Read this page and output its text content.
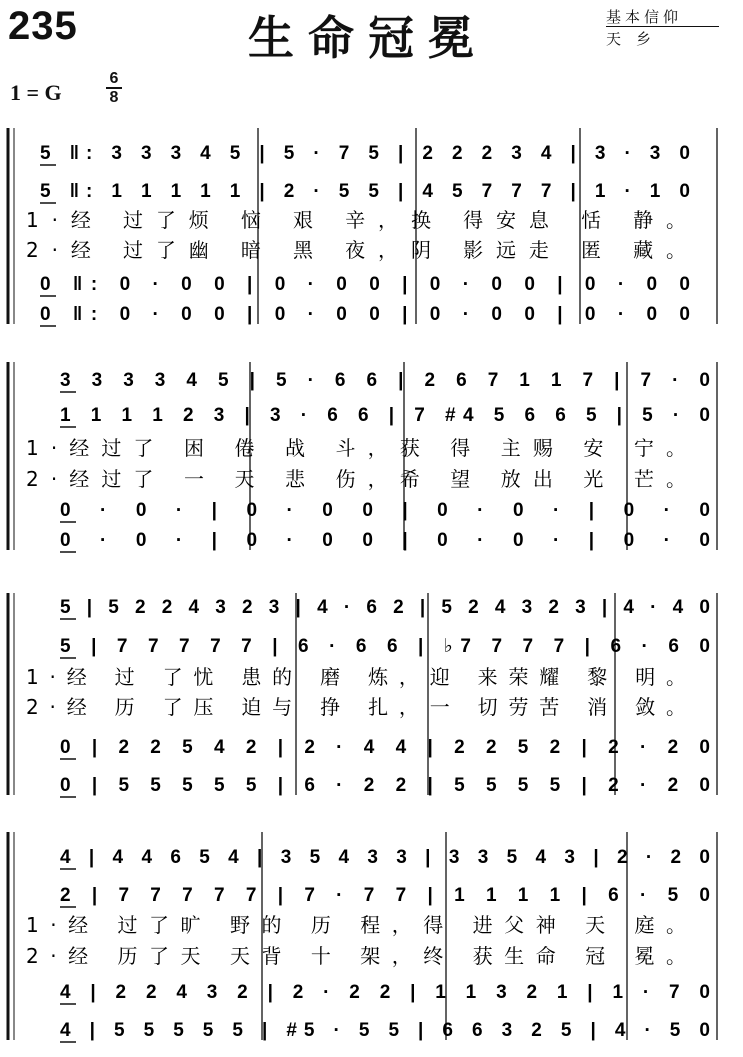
235	生命冠冕	基本信仰
天　乡
1 = G
6
8
5 ‖: 3 3 3 4 5 | 5 · 7 5 | 2 2 2 3 4 | 3 · 3 0
5 ‖: 1 1 1 1 1 | 2 · 5 5 | 4 5 7 7 7 | 1 · 1 0
1·经 过了烦 恼 艰 辛，换 得安息 恬 静。
2·经 过了幽 暗 黑 夜，阴 影远走 匿 藏。
0 ‖: 0 · 0 0 | 0 · 0 0 | 0 · 0 0 | 0 · 0 0
0 ‖: 0 · 0 0 | 0 · 0 0 | 0 · 0 0 | 0 · 0 0
3 3 3 3 4 5 | 5 · 6 6 | 2 6 7 1 1 7 | 7 · 0
1 1 1 1 2 3 | 3 · 6 6 | 7 #4 5 6 6 5 | 5 · 0
1·经过了 困 倦 战 斗，获 得 主赐 安 宁。
2·经过了 一 天 悲 伤，希 望 放出 光 芒。
0 · 0 · | 0 · 0 0 | 0 · 0 · | 0 · 0
0 · 0 · | 0 · 0 0 | 0 · 0 · | 0 · 0
5 | 5 2 2 4 3 2 3 | 4 · 6 2 | 5 2 4 3 2 3 | 4 · 4 0
5 | 7 7 7 7 7 | 6 · 6 6 | ♭7 7 7 7 | 6 · 6 0
1·经 过 了忧 患的 磨 炼，迎 来荣耀 黎 明。
2·经 历 了压 迫与 挣 扎，一 切劳苦 消 敛。
0 | 2 2 5 4 2 | 2 · 4 4 | 2 2 5 2 | 2 · 2 0
0 | 5 5 5 5 5 | 6 · 2 2 | 5 5 5 5 | 2 · 2 0
4 | 4 4 6 5 4 | 3 5 4 3 3 | 3 3 5 4 3 | 2 · 2 0
2 | 7 7 7 7 7 | 7 · 7 7 | 1 1 1 1 | 6 · 5 0
1·经 过了旷 野的 历 程，得 进父神 天 庭。
2·经 历了天 天背 十 架，终 获生命 冠 冕。
4 | 2 2 4 3 2 | 2 · 2 2 | 1 1 3 2 1 | 1 · 7 0
4 | 5 5 5 5 5 | #5 · 5 5 | 6 6 3 2 5 | 4 · 5 0
